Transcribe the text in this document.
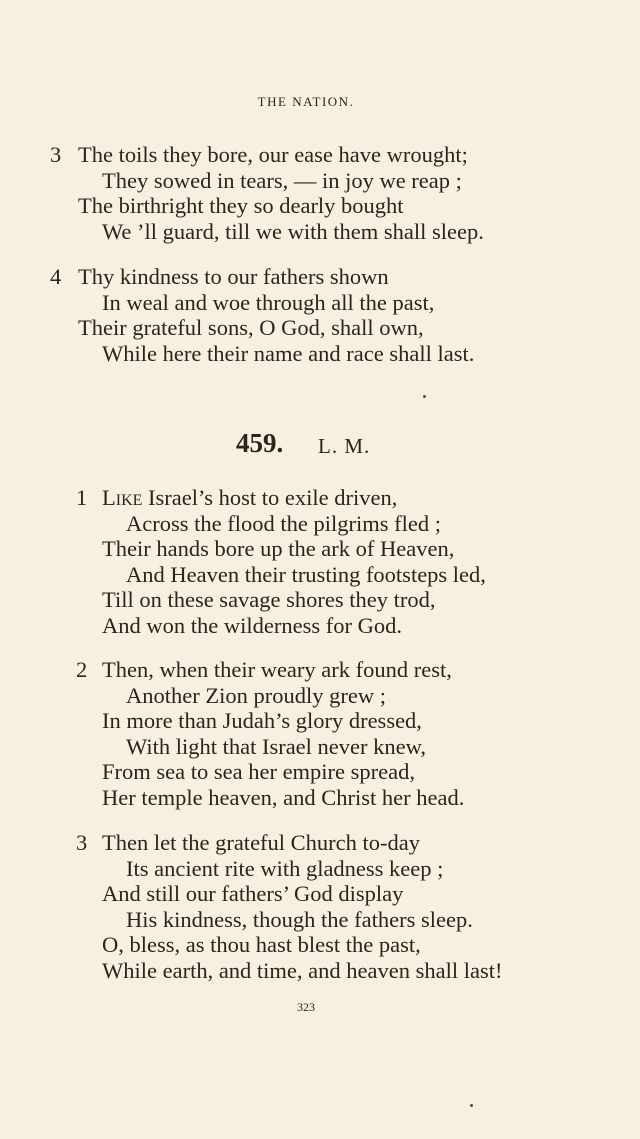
THE NATION.
3 The toils they bore, our ease have wrought;
They sowed in tears, — in joy we reap ;
The birthright they so dearly bought
We ’ll guard, till we with them shall sleep.
4 Thy kindness to our fathers shown
In weal and woe through all the past,
Their grateful sons, O God, shall own,
While here their name and race shall last.
459. L. M.
1 Like Israel’s host to exile driven,
Across the flood the pilgrims fled ;
Their hands bore up the ark of Heaven,
And Heaven their trusting footsteps led,
Till on these savage shores they trod,
And won the wilderness for God.
2 Then, when their weary ark found rest,
Another Zion proudly grew ;
In more than Judah’s glory dressed,
With light that Israel never knew,
From sea to sea her empire spread,
Her temple heaven, and Christ her head.
3 Then let the grateful Church to-day
Its ancient rite with gladness keep ;
And still our fathers’ God display
His kindness, though the fathers sleep.
O, bless, as thou hast blest the past,
While earth, and time, and heaven shall last!
323
